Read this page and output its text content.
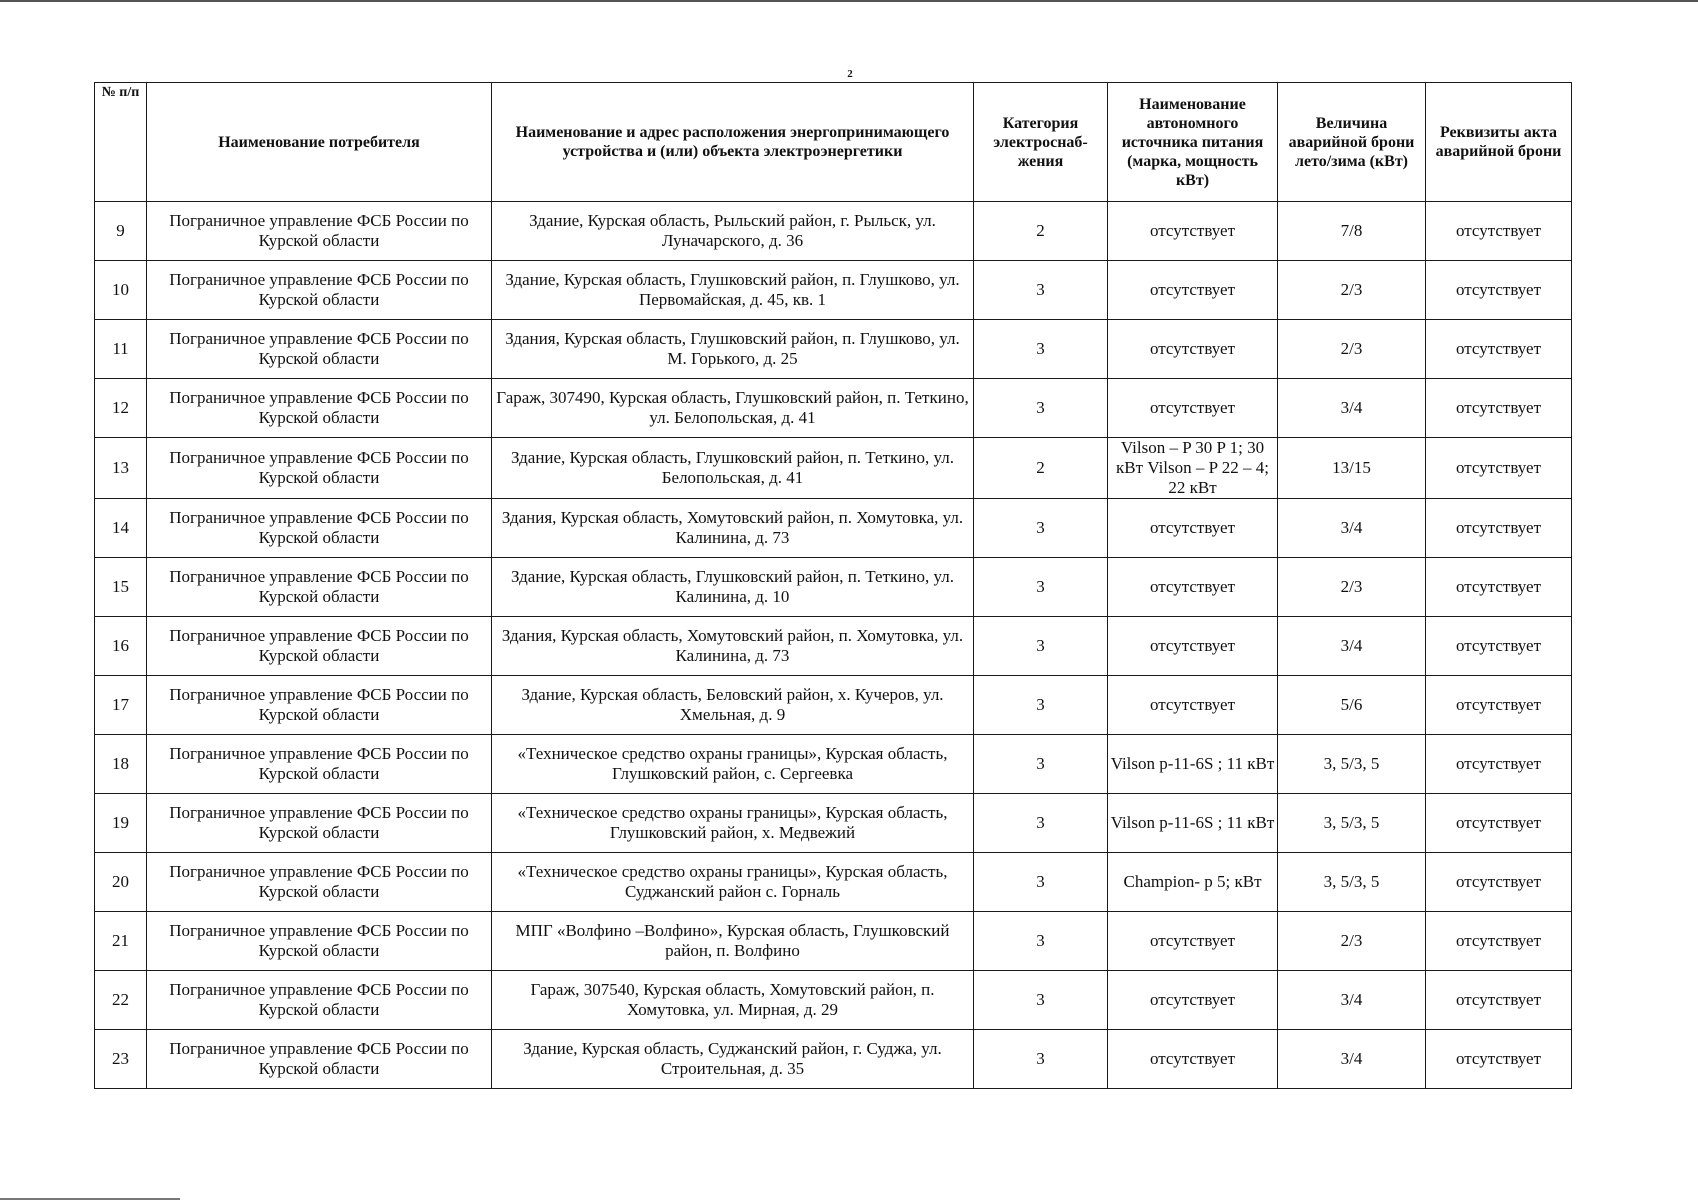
2
№ п/п	Наименование потребителя	Наименование и адрес расположения энергопринимающего устройства и (или) объекта электроэнергетики	Категория электроснаб-жения	Наименование автономного источника питания (марка, мощность кВт)	Величина аварийной брони лето/зима (кВт)	Реквизиты акта аварийной брони
9	Пограничное управление ФСБ России по Курской области	Здание, Курская область, Рыльский район, г. Рыльск, ул. Луначарского, д. 36	2	отсутствует	7/8	отсутствует
10	Пограничное управление ФСБ России по Курской области	Здание, Курская область, Глушковский район, п. Глушково, ул. Первомайская, д. 45, кв. 1	3	отсутствует	2/3	отсутствует
11	Пограничное управление ФСБ России по Курской области	Здания, Курская область, Глушковский район, п. Глушково, ул. М. Горького, д. 25	3	отсутствует	2/3	отсутствует
12	Пограничное управление ФСБ России по Курской области	Гараж, 307490, Курская область, Глушковский район, п. Теткино, ул. Белопольская, д. 41	3	отсутствует	3/4	отсутствует
13	Пограничное управление ФСБ России по Курской области	Здание, Курская область, Глушковский район, п. Теткино, ул. Белопольская, д. 41	2	Vilson – P 30 P 1; 30 кВт Vilson – P 22 – 4; 22 кВт	13/15	отсутствует
14	Пограничное управление ФСБ России по Курской области	Здания, Курская область, Хомутовский район, п. Хомутовка, ул. Калинина, д. 73	3	отсутствует	3/4	отсутствует
15	Пограничное управление ФСБ России по Курской области	Здание, Курская область, Глушковский район, п. Теткино, ул. Калинина, д. 10	3	отсутствует	2/3	отсутствует
16	Пограничное управление ФСБ России по Курской области	Здания, Курская область, Хомутовский район, п. Хомутовка, ул. Калинина, д. 73	3	отсутствует	3/4	отсутствует
17	Пограничное управление ФСБ России по Курской области	Здание, Курская область, Беловский район, х. Кучеров, ул. Хмельная, д. 9	3	отсутствует	5/6	отсутствует
18	Пограничное управление ФСБ России по Курской области	«Техническое средство охраны границы», Курская область, Глушковский район, с. Сергеевка	3	Vilson p-11-6S ; 11 кВт	3, 5/3, 5	отсутствует
19	Пограничное управление ФСБ России по Курской области	«Техническое средство охраны границы», Курская область, Глушковский район, х. Медвежий	3	Vilson p-11-6S ; 11 кВт	3, 5/3, 5	отсутствует
20	Пограничное управление ФСБ России по Курской области	«Техническое средство охраны границы», Курская область, Суджанский район с. Горналь	3	Champion- p 5; кВт	3, 5/3, 5	отсутствует
21	Пограничное управление ФСБ России по Курской области	МПГ «Волфино –Волфино», Курская область, Глушковский район, п. Волфино	3	отсутствует	2/3	отсутствует
22	Пограничное управление ФСБ России по Курской области	Гараж, 307540, Курская область, Хомутовский район, п. Хомутовка, ул. Мирная, д. 29	3	отсутствует	3/4	отсутствует
23	Пограничное управление ФСБ России по Курской области	Здание, Курская область, Суджанский район, г. Суджа, ул. Строительная, д. 35	3	отсутствует	3/4	отсутствует
